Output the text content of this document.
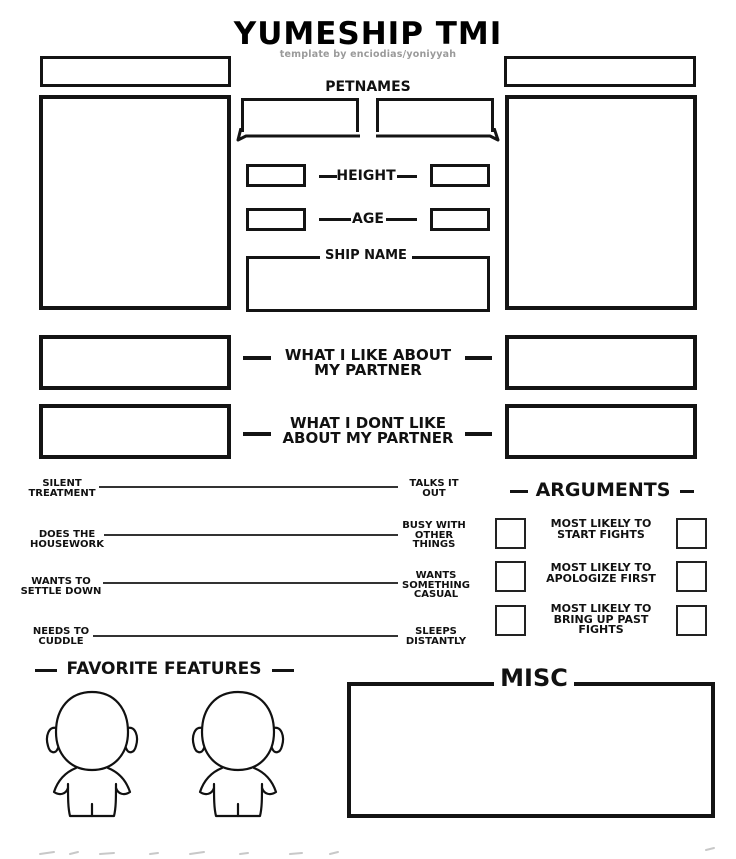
YUMESHIP TMI
template by enciodias/yoniyyah
PETNAMES
HEIGHT
AGE
SHIP NAME
WHAT I LIKE ABOUT
MY PARTNER
WHAT I DONT LIKE
ABOUT MY PARTNER
SILENT
TREATMENT
TALKS IT
OUT
DOES THE
HOUSEWORK
BUSY WITH
OTHER
THINGS
WANTS TO
SETTLE DOWN
WANTS
SOMETHING
CASUAL
NEEDS TO
CUDDLE
SLEEPS
DISTANTLY
ARGUMENTS
MOST LIKELY TO
START FIGHTS
MOST LIKELY TO
APOLOGIZE FIRST
MOST LIKELY TO
BRING UP PAST
FIGHTS
FAVORITE FEATURES	MISC
